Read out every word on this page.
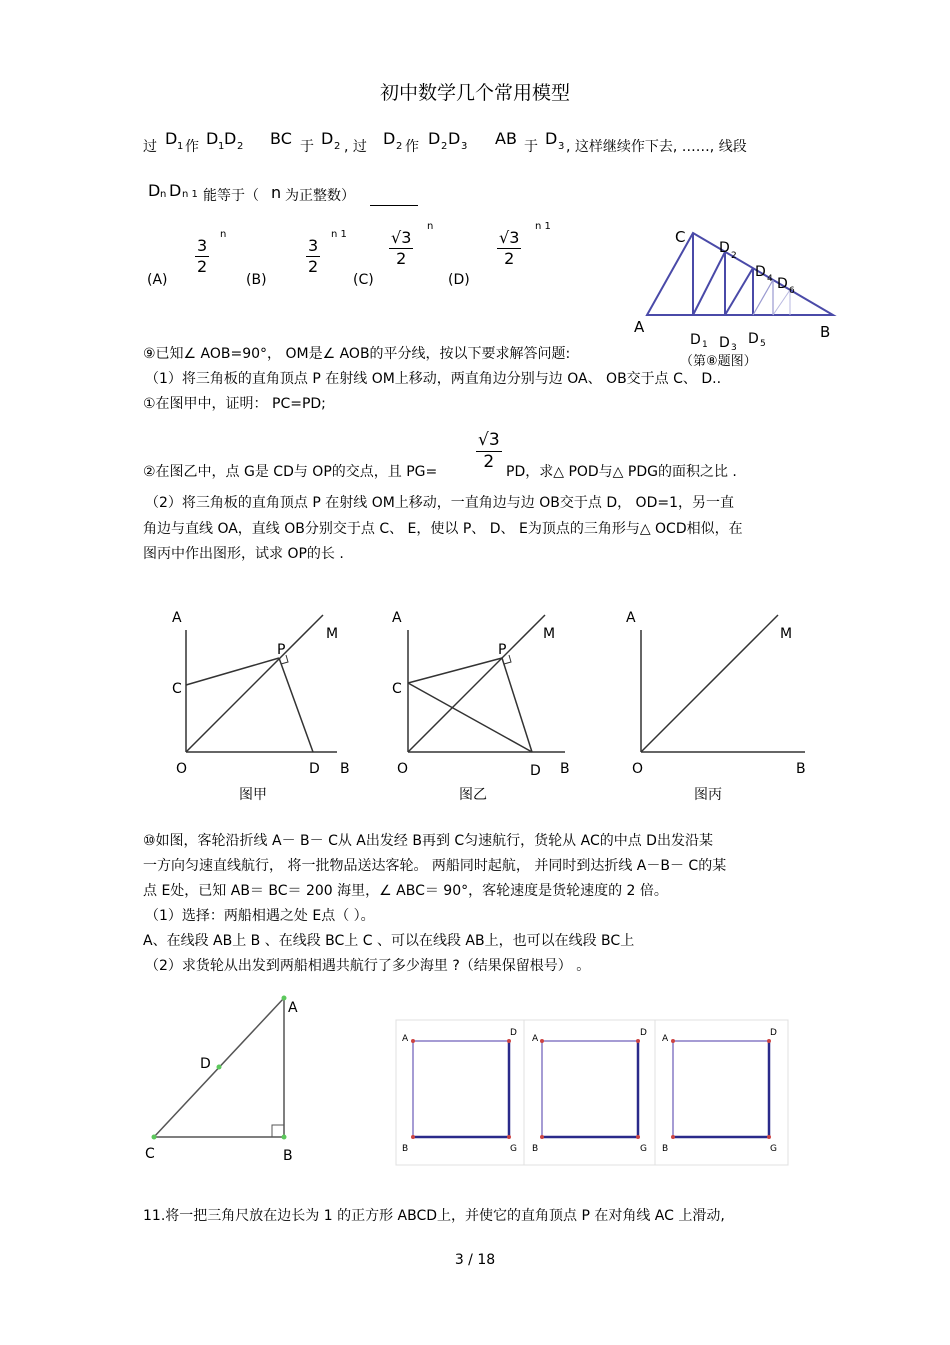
初中数学几个常用模型
过 D 1 作 D 1 D 2 BC 于 D 2 , 过 D 2 作 D 2 D 3 AB 于 D 3 , 这样继续作下去, ……, 线段
D n D n 1 能等于（ n 为正整数）
(A)
$\frac{3}{2}$
n
(B)
$\frac{3}{2}$
n 1
(C)
$\frac{√3}{2}$
n
(D)
$\frac{√3}{2}$
n 1
C
A	B
D 2
D 4 D 6
D 1 D 3
D 5
（第⑧题图）
⑨已知∠ AOB=90°， OM是∠ AOB的平分线，按以下要求解答问题:
（1）将三角板的直角顶点 P 在射线 OM上移动，两直角边分别与边 OA、 OB交于点 C、 D..
①在图甲中，证明： PC=PD;
$\frac{√3}{2}$
②在图乙中，点 G是 CD与 OP的交点，且 PG=	PD，求△ POD与△ PDG的面积之比 .
（2）将三角板的直角顶点 P 在射线 OM上移动，一直角边与边 OB交于点 D， OD=1，另一直
角边与直线 OA，直线 OB分别交于点 C、 E，使以 P、 D、 E为顶点的三角形与△ OCD相似，在
图丙中作出图形，试求 OP的长 .
A
M
P
C
O	D B
图甲
A
M
P
C
O	D B
图乙
A
M
O	B
图丙
⑩如图，客轮沿折线 A－ B－ C从 A出发经 B再到 C匀速航行，货轮从 AC的中点 D出发沿某
一方向匀速直线航行， 将一批物品送达客轮。 两船同时起航， 并同时到达折线 A－B－ C的某
点 E处，已知 AB＝ BC＝ 200 海里，∠ ABC＝ 90°，客轮速度是货轮速度的 2 倍。
（1）选择：两船相遇之处 E点（ ）。
A、在线段 AB上 B 、在线段 BC上 C 、可以在线段 AB上，也可以在线段 BC上
（2）求货轮从出发到两船相遇共航行了多少海里 ?（结果保留根号） 。
A
D
C	B
A
D
B	G
A
D
B	G
A
D
B	G
11.将一把三角尺放在边长为 1 的正方形 ABCD上，并使它的直角顶点 P 在对角线 AC 上滑动,
3 / 18
